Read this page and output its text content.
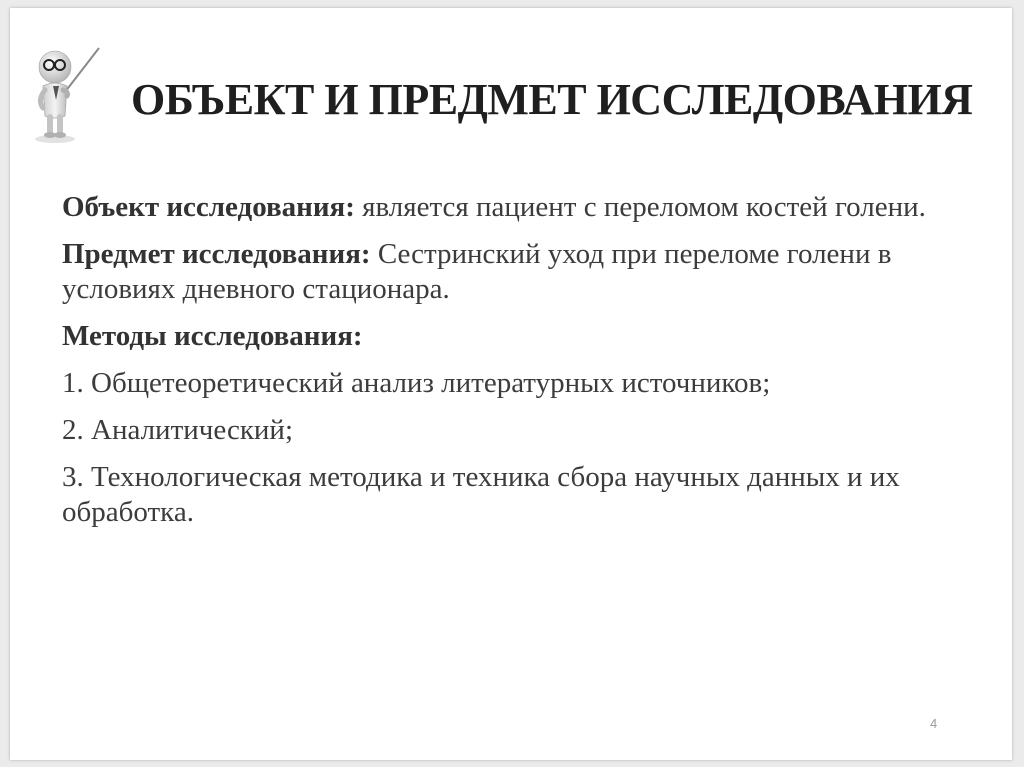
ОБЪЕКТ И ПРЕДМЕТ ИССЛЕДОВАНИЯ

Объект исследования: является пациент с переломом костей голени.

Предмет исследования: Сестринский уход при переломе голени в условиях дневного стационара.

Методы исследования:

1. Общетеоретический анализ литературных источников;

2. Аналитический;

3. Технологическая методика и техника сбора научных данных и их обработка.

4
